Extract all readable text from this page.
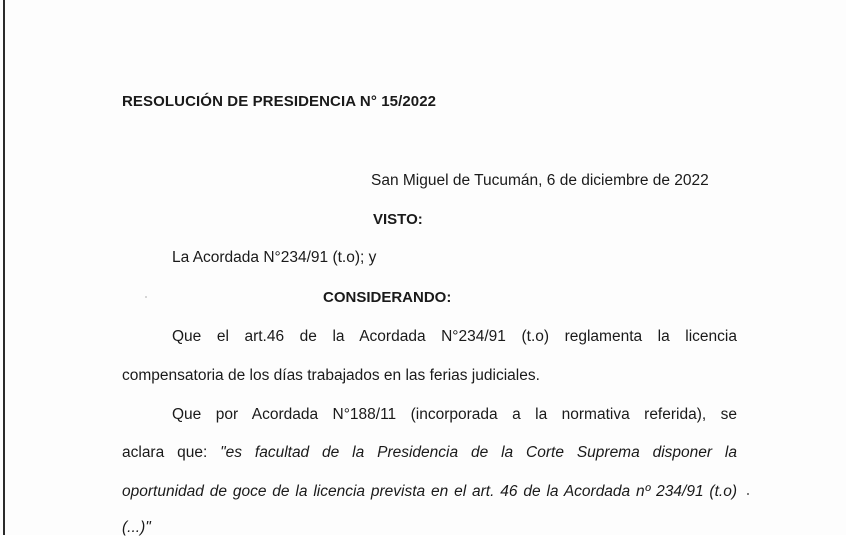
RESOLUCIÓN DE PRESIDENCIA N° 15/2022
San Miguel de Tucumán, 6 de diciembre de 2022
VISTO:
La Acordada N°234/91 (t.o); y
CONSIDERANDO:
Que el art.46 de la Acordada N°234/91 (t.o) reglamenta la licencia
compensatoria de los días trabajados en las ferias judiciales.
Que por Acordada N°188/11 (incorporada a la normativa referida), se
aclara que: "es facultad de la Presidencia de la Corte Suprema disponer la
oportunidad de goce de la licencia prevista en el art. 46 de la Acordada nº 234/91 (t.o)
(...)"
